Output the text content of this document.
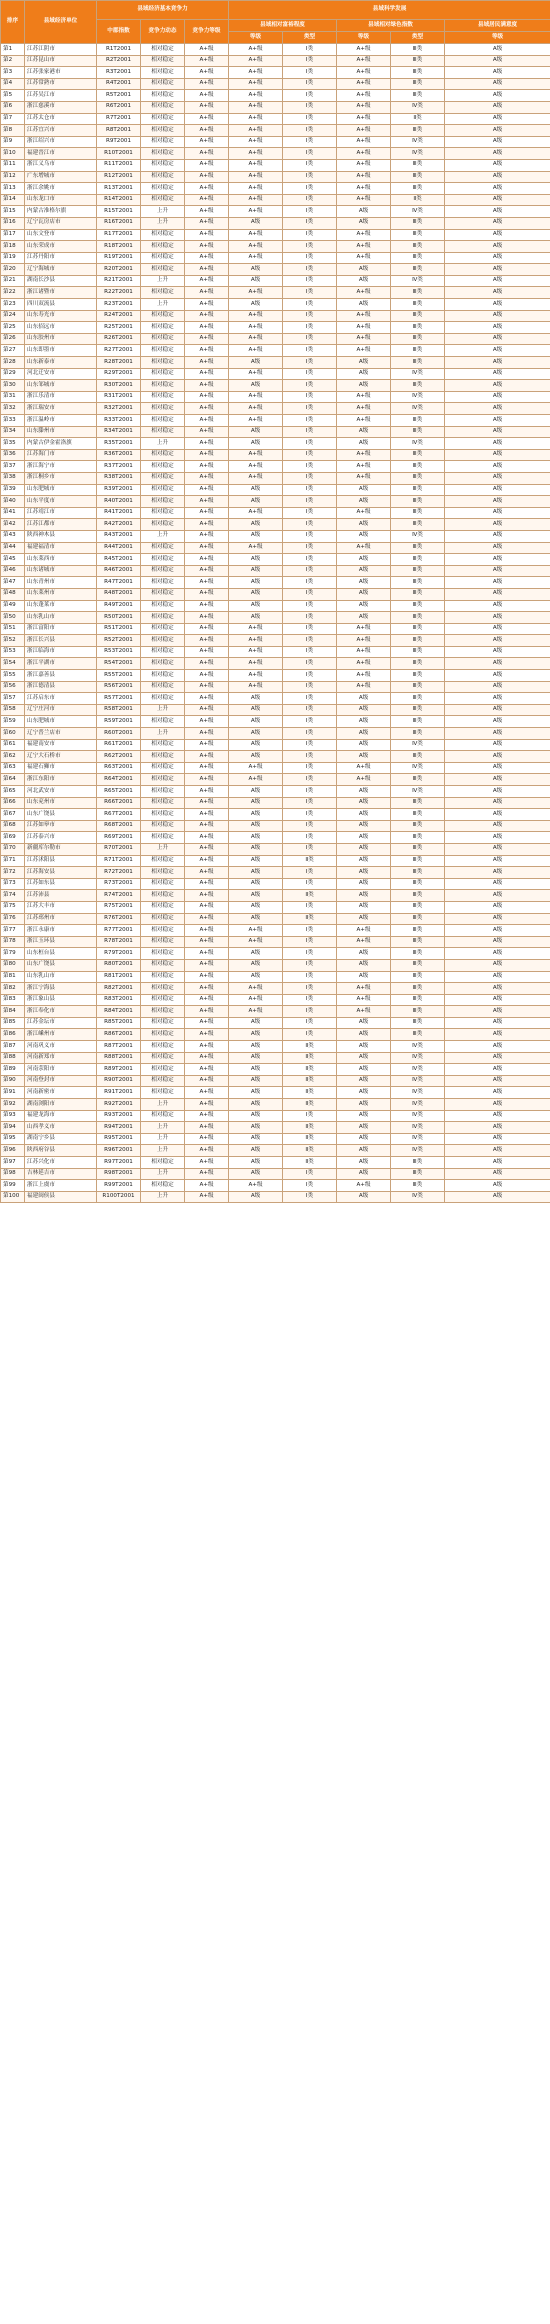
排序	县域经济单位	县域经济基本竞争力			县域科学发展				
		中郡指数	竞争力动态	竞争力等级	县域相对富裕程度		县域相对绿色指数		县域居民满意度
					等级	类型	等级	类型	等级
第1	江苏江阴市	R1T2001	相对稳定	A+级	A+级	Ⅰ类	A+级	Ⅲ类	A级
第2	江苏昆山市	R2T2001	相对稳定	A+级	A+级	Ⅰ类	A+级	Ⅲ类	A级
第3	江苏张家港市	R3T2001	相对稳定	A+级	A+级	Ⅰ类	A+级	Ⅲ类	A级
第4	江苏常熟市	R4T2001	相对稳定	A+级	A+级	Ⅰ类	A+级	Ⅲ类	A级
第5	江苏吴江市	R5T2001	相对稳定	A+级	A+级	Ⅰ类	A+级	Ⅲ类	A级
第6	浙江慈溪市	R6T2001	相对稳定	A+级	A+级	Ⅰ类	A+级	Ⅳ类	A级
第7	江苏太仓市	R7T2001	相对稳定	A+级	A+级	Ⅰ类	A+级	Ⅱ类	A级
第8	江苏宜兴市	R8T2001	相对稳定	A+级	A+级	Ⅰ类	A+级	Ⅲ类	A级
第9	浙江绍兴市	R9T2001	相对稳定	A+级	A+级	Ⅰ类	A+级	Ⅳ类	A级
第10	福建晋江市	R10T2001	相对稳定	A+级	A+级	Ⅰ类	A+级	Ⅳ类	A级
第11	浙江义乌市	R11T2001	相对稳定	A+级	A+级	Ⅰ类	A+级	Ⅲ类	A级
第12	广东增城市	R12T2001	相对稳定	A+级	A+级	Ⅰ类	A+级	Ⅲ类	A级
第13	浙江余姚市	R13T2001	相对稳定	A+级	A+级	Ⅰ类	A+级	Ⅲ类	A级
第14	山东龙口市	R14T2001	相对稳定	A+级	A+级	Ⅰ类	A+级	Ⅱ类	A级
第15	内蒙古准格尔旗	R15T2001	上升	A+级	A+级	Ⅰ类	A级	Ⅳ类	A级
第16	辽宁瓦房店市	R16T2001	上升	A+级	A级	Ⅰ类	A级	Ⅲ类	A级
第17	山东文登市	R17T2001	相对稳定	A+级	A+级	Ⅰ类	A+级	Ⅲ类	A级
第18	山东荣成市	R18T2001	相对稳定	A+级	A+级	Ⅰ类	A+级	Ⅲ类	A级
第19	江苏丹阳市	R19T2001	相对稳定	A+级	A+级	Ⅰ类	A+级	Ⅲ类	A级
第20	辽宁海城市	R20T2001	相对稳定	A+级	A级	Ⅰ类	A级	Ⅲ类	A级
第21	湖南长沙县	R21T2001	上升	A+级	A级	Ⅰ类	A级	Ⅳ类	A级
第22	浙江诸暨市	R22T2001	相对稳定	A+级	A+级	Ⅰ类	A+级	Ⅲ类	A级
第23	四川双流县	R23T2001	上升	A+级	A级	Ⅰ类	A级	Ⅲ类	A级
第24	山东寿光市	R24T2001	相对稳定	A+级	A+级	Ⅰ类	A+级	Ⅲ类	A级
第25	山东招远市	R25T2001	相对稳定	A+级	A+级	Ⅰ类	A+级	Ⅲ类	A级
第26	山东胶州市	R26T2001	相对稳定	A+级	A+级	Ⅰ类	A+级	Ⅲ类	A级
第27	山东即墨市	R27T2001	相对稳定	A+级	A+级	Ⅰ类	A+级	Ⅲ类	A级
第28	山东新泰市	R28T2001	相对稳定	A+级	A级	Ⅰ类	A级	Ⅲ类	A级
第29	河北迁安市	R29T2001	相对稳定	A+级	A+级	Ⅰ类	A级	Ⅳ类	A级
第30	山东邹城市	R30T2001	相对稳定	A+级	A级	Ⅰ类	A级	Ⅲ类	A级
第31	浙江乐清市	R31T2001	相对稳定	A+级	A+级	Ⅰ类	A+级	Ⅳ类	A级
第32	浙江瑞安市	R32T2001	相对稳定	A+级	A+级	Ⅰ类	A+级	Ⅳ类	A级
第33	浙江温岭市	R33T2001	相对稳定	A+级	A+级	Ⅰ类	A+级	Ⅲ类	A级
第34	山东滕州市	R34T2001	相对稳定	A+级	A级	Ⅰ类	A级	Ⅲ类	A级
第35	内蒙古伊金霍洛旗	R35T2001	上升	A+级	A级	Ⅰ类	A级	Ⅳ类	A级
第36	江苏海门市	R36T2001	相对稳定	A+级	A+级	Ⅰ类	A+级	Ⅲ类	A级
第37	浙江海宁市	R37T2001	相对稳定	A+级	A+级	Ⅰ类	A+级	Ⅲ类	A级
第38	浙江桐乡市	R38T2001	相对稳定	A+级	A+级	Ⅰ类	A+级	Ⅲ类	A级
第39	山东肥城市	R39T2001	相对稳定	A+级	A级	Ⅰ类	A级	Ⅲ类	A级
第40	山东平度市	R40T2001	相对稳定	A+级	A级	Ⅰ类	A级	Ⅲ类	A级
第41	江苏靖江市	R41T2001	相对稳定	A+级	A+级	Ⅰ类	A+级	Ⅲ类	A级
第42	江苏江都市	R42T2001	相对稳定	A+级	A级	Ⅰ类	A级	Ⅲ类	A级
第43	陕西神木县	R43T2001	上升	A+级	A级	Ⅰ类	A级	Ⅳ类	A级
第44	福建福清市	R44T2001	相对稳定	A+级	A+级	Ⅰ类	A+级	Ⅲ类	A级
第45	山东莱西市	R45T2001	相对稳定	A+级	A级	Ⅰ类	A级	Ⅲ类	A级
第46	山东诸城市	R46T2001	相对稳定	A+级	A级	Ⅰ类	A级	Ⅲ类	A级
第47	山东青州市	R47T2001	相对稳定	A+级	A级	Ⅰ类	A级	Ⅲ类	A级
第48	山东莱州市	R48T2001	相对稳定	A+级	A级	Ⅰ类	A级	Ⅲ类	A级
第49	山东蓬莱市	R49T2001	相对稳定	A+级	A级	Ⅰ类	A级	Ⅲ类	A级
第50	山东乳山市	R50T2001	相对稳定	A+级	A级	Ⅰ类	A级	Ⅲ类	A级
第51	浙江富阳市	R51T2001	相对稳定	A+级	A+级	Ⅰ类	A+级	Ⅲ类	A级
第52	浙江长兴县	R52T2001	相对稳定	A+级	A+级	Ⅰ类	A+级	Ⅲ类	A级
第53	浙江临海市	R53T2001	相对稳定	A+级	A+级	Ⅰ类	A+级	Ⅲ类	A级
第54	浙江平湖市	R54T2001	相对稳定	A+级	A+级	Ⅰ类	A+级	Ⅲ类	A级
第55	浙江嘉善县	R55T2001	相对稳定	A+级	A+级	Ⅰ类	A+级	Ⅲ类	A级
第56	浙江德清县	R56T2001	相对稳定	A+级	A+级	Ⅰ类	A+级	Ⅲ类	A级
第57	江苏启东市	R57T2001	相对稳定	A+级	A级	Ⅰ类	A级	Ⅲ类	A级
第58	辽宁庄河市	R58T2001	上升	A+级	A级	Ⅰ类	A级	Ⅲ类	A级
第59	山东肥城市	R59T2001	相对稳定	A+级	A级	Ⅰ类	A级	Ⅲ类	A级
第60	辽宁普兰店市	R60T2001	上升	A+级	A级	Ⅰ类	A级	Ⅲ类	A级
第61	福建南安市	R61T2001	相对稳定	A+级	A级	Ⅰ类	A级	Ⅳ类	A级
第62	辽宁大石桥市	R62T2001	相对稳定	A+级	A级	Ⅰ类	A级	Ⅲ类	A级
第63	福建石狮市	R63T2001	相对稳定	A+级	A+级	Ⅰ类	A+级	Ⅳ类	A级
第64	浙江东阳市	R64T2001	相对稳定	A+级	A+级	Ⅰ类	A+级	Ⅲ类	A级
第65	河北武安市	R65T2001	相对稳定	A+级	A级	Ⅰ类	A级	Ⅳ类	A级
第66	山东兖州市	R66T2001	相对稳定	A+级	A级	Ⅰ类	A级	Ⅲ类	A级
第67	山东广饶县	R67T2001	相对稳定	A+级	A级	Ⅰ类	A级	Ⅲ类	A级
第68	江苏如皋市	R68T2001	相对稳定	A+级	A级	Ⅰ类	A级	Ⅲ类	A级
第69	江苏泰兴市	R69T2001	相对稳定	A+级	A级	Ⅰ类	A级	Ⅲ类	A级
第70	新疆库尔勒市	R70T2001	上升	A+级	A级	Ⅰ类	A级	Ⅲ类	A级
第71	江苏沭阳县	R71T2001	相对稳定	A+级	A级	Ⅱ类	A级	Ⅲ类	A级
第72	江苏海安县	R72T2001	相对稳定	A+级	A级	Ⅰ类	A级	Ⅲ类	A级
第73	江苏如东县	R73T2001	相对稳定	A+级	A级	Ⅰ类	A级	Ⅲ类	A级
第74	江苏沛县	R74T2001	相对稳定	A+级	A级	Ⅱ类	A级	Ⅲ类	A级
第75	江苏大丰市	R75T2001	相对稳定	A+级	A级	Ⅰ类	A级	Ⅲ类	A级
第76	江苏邳州市	R76T2001	相对稳定	A+级	A级	Ⅱ类	A级	Ⅲ类	A级
第77	浙江永康市	R77T2001	相对稳定	A+级	A+级	Ⅰ类	A+级	Ⅲ类	A级
第78	浙江玉环县	R78T2001	相对稳定	A+级	A+级	Ⅰ类	A+级	Ⅲ类	A级
第79	山东桓台县	R79T2001	相对稳定	A+级	A级	Ⅰ类	A级	Ⅲ类	A级
第80	山东广饶县	R80T2001	相对稳定	A+级	A级	Ⅰ类	A级	Ⅲ类	A级
第81	山东乳山市	R81T2001	相对稳定	A+级	A级	Ⅰ类	A级	Ⅲ类	A级
第82	浙江宁海县	R82T2001	相对稳定	A+级	A+级	Ⅰ类	A+级	Ⅲ类	A级
第83	浙江象山县	R83T2001	相对稳定	A+级	A+级	Ⅰ类	A+级	Ⅲ类	A级
第84	浙江奉化市	R84T2001	相对稳定	A+级	A+级	Ⅰ类	A+级	Ⅲ类	A级
第85	江苏金坛市	R85T2001	相对稳定	A+级	A级	Ⅰ类	A级	Ⅲ类	A级
第86	浙江嵊州市	R86T2001	相对稳定	A+级	A级	Ⅰ类	A级	Ⅲ类	A级
第87	河南巩义市	R87T2001	相对稳定	A+级	A级	Ⅱ类	A级	Ⅳ类	A级
第88	河南新郑市	R88T2001	相对稳定	A+级	A级	Ⅱ类	A级	Ⅳ类	A级
第89	河南荥阳市	R89T2001	相对稳定	A+级	A级	Ⅱ类	A级	Ⅳ类	A级
第90	河南登封市	R90T2001	相对稳定	A+级	A级	Ⅱ类	A级	Ⅳ类	A级
第91	河南新密市	R91T2001	相对稳定	A+级	A级	Ⅱ类	A级	Ⅳ类	A级
第92	湖南浏阳市	R92T2001	上升	A+级	A级	Ⅱ类	A级	Ⅳ类	A级
第93	福建龙海市	R93T2001	相对稳定	A+级	A级	Ⅰ类	A级	Ⅳ类	A级
第94	山西孝义市	R94T2001	上升	A+级	A级	Ⅱ类	A级	Ⅳ类	A级
第95	湖南宁乡县	R95T2001	上升	A+级	A级	Ⅱ类	A级	Ⅳ类	A级
第96	陕西府谷县	R96T2001	上升	A+级	A级	Ⅱ类	A级	Ⅳ类	A级
第97	江苏兴化市	R97T2001	相对稳定	A+级	A级	Ⅱ类	A级	Ⅲ类	A级
第98	吉林延吉市	R98T2001	上升	A+级	A级	Ⅰ类	A级	Ⅲ类	A级
第99	浙江上虞市	R99T2001	相对稳定	A+级	A+级	Ⅰ类	A+级	Ⅲ类	A级
第100	福建闽侯县	R100T2001	上升	A+级	A级	Ⅰ类	A级	Ⅳ类	A级
